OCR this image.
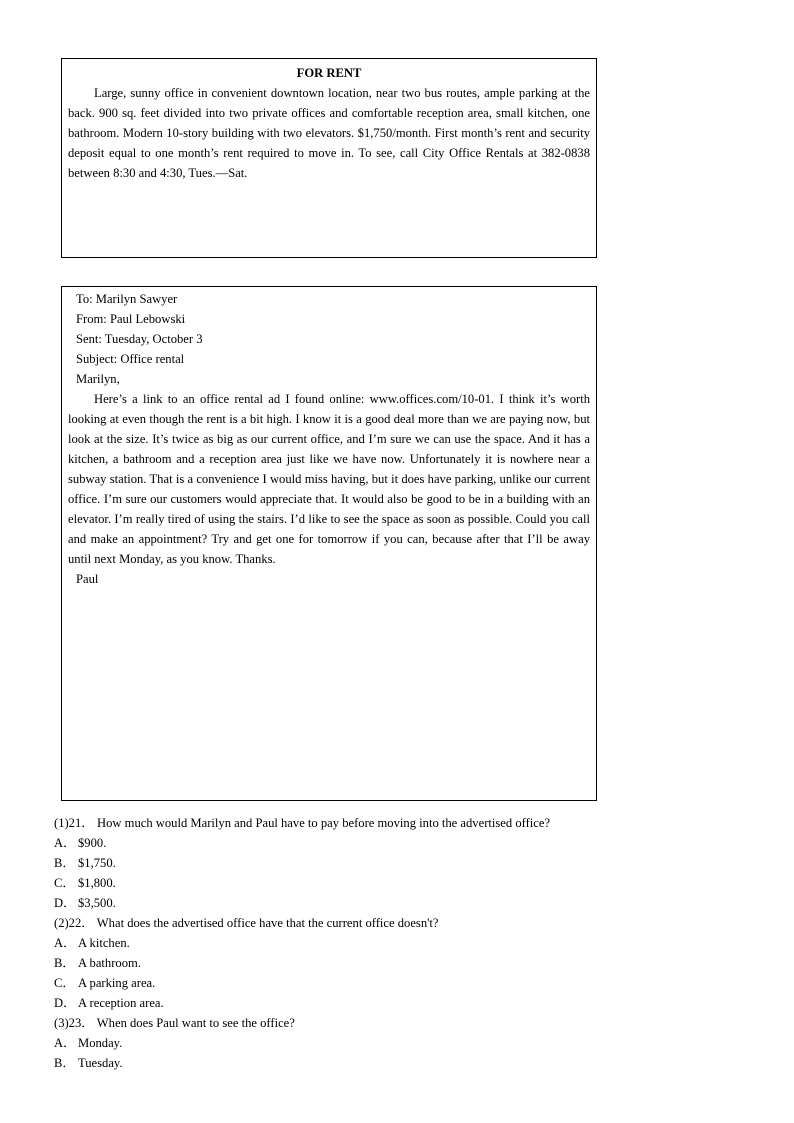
FOR RENT

Large, sunny office in convenient downtown location, near two bus routes, ample parking at the back. 900 sq. feet divided into two private offices and comfortable reception area, small kitchen, one bathroom. Modern 10-story building with two elevators. $1,750/month. First month’s rent and security deposit equal to one month’s rent required to move in. To see, call City Office Rentals at 382-0838 between 8:30 and 4:30, Tues.—Sat.

To: Marilyn Sawyer
From: Paul Lebowski
Sent: Tuesday, October 3
Subject: Office rental
Marilyn,

Here’s a link to an office rental ad I found online: www.offices.com/10-01. I think it’s worth looking at even though the rent is a bit high. I know it is a good deal more than we are paying now, but look at the size. It’s twice as big as our current office, and I’m sure we can use the space. And it has a kitchen, a bathroom and a reception area just like we have now. Unfortunately it is nowhere near a subway station. That is a convenience I would miss having, but it does have parking, unlike our current office. I’m sure our customers would appreciate that. It would also be good to be in a building with an elevator. I’m really tired of using the stairs. I’d like to see the space as soon as possible. Could you call and make an appointment? Try and get one for tomorrow if you can, because after that I’ll be away until next Monday, as you know. Thanks.

Paul
(1)21． How much would Marilyn and Paul have to pay before moving into the advertised office?
A． $900.
B． $1,750.
C． $1,800.
D． $3,500.
(2)22． What does the advertised office have that the current office doesn't?
A． A kitchen.
B． A bathroom.
C． A parking area.
D． A reception area.
(3)23． When does Paul want to see the office?
A． Monday.
B． Tuesday.
